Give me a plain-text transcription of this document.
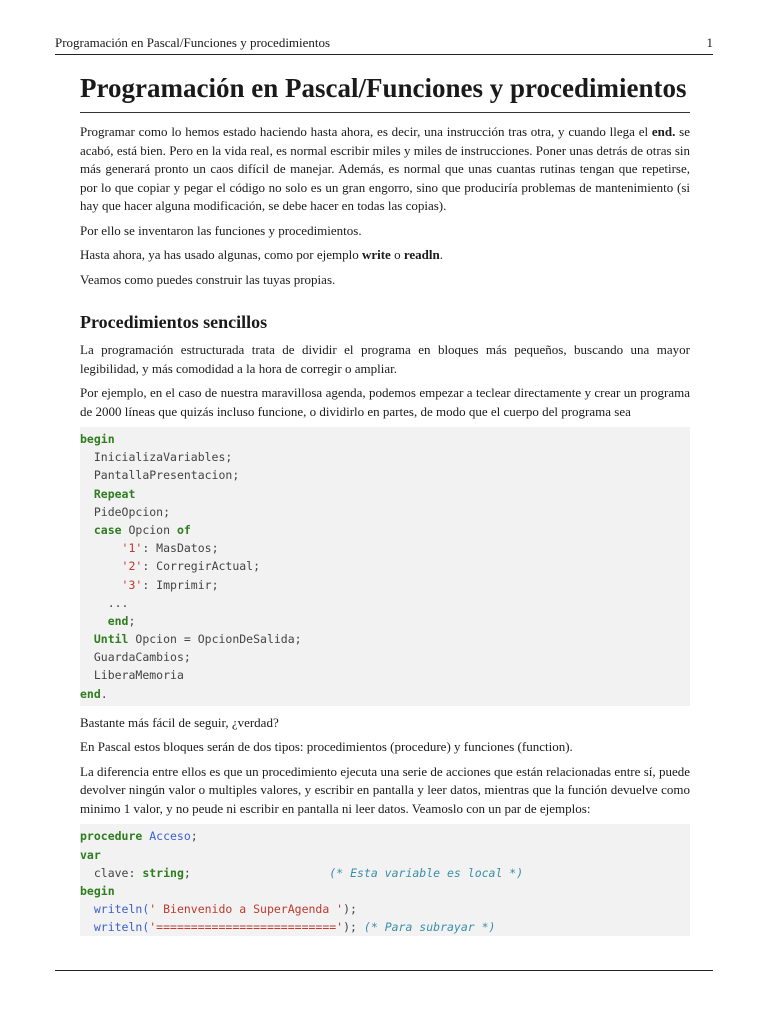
Programación en Pascal/Funciones y procedimientos	1
Programación en Pascal/Funciones y procedimientos

Programar como lo hemos estado haciendo hasta ahora, es decir, una instrucción tras otra, y cuando llega el end. se acabó, está bien. Pero en la vida real, es normal escribir miles y miles de instrucciones. Poner unas detrás de otras sin más generará pronto un caos difícil de manejar. Además, es normal que unas cuantas rutinas tengan que repetirse, por lo que copiar y pegar el código no solo es un gran engorro, sino que produciría problemas de mantenimiento (si hay que hacer alguna modificación, se debe hacer en todas las copias).

Por ello se inventaron las funciones y procedimientos.

Hasta ahora, ya has usado algunas, como por ejemplo write o readln.

Veamos como puedes construir las tuyas propias.

Procedimientos sencillos

La programación estructurada trata de dividir el programa en bloques más pequeños, buscando una mayor legibilidad, y más comodidad a la hora de corregir o ampliar.

Por ejemplo, en el caso de nuestra maravillosa agenda, podemos empezar a teclear directamente y crear un programa de 2000 líneas que quizás incluso funcione, o dividirlo en partes, de modo que el cuerpo del programa sea

begin
InicializaVariables;
PantallaPresentacion;
Repeat
PideOpcion;
case Opcion of
'1': MasDatos;
'2': CorregirActual;
'3': Imprimir;
...
end;
Until Opcion = OpcionDeSalida;
GuardaCambios;
LiberaMemoria
end.

Bastante más fácil de seguir, ¿verdad?

En Pascal estos bloques serán de dos tipos: procedimientos (procedure) y funciones (function).

La diferencia entre ellos es que un procedimiento ejecuta una serie de acciones que están relacionadas entre sí, puede devolver ningún valor o multiples valores, y escribir en pantalla y leer datos, mientras que la función devuelve como minimo 1 valor, y no peude ni escribir en pantalla ni leer datos. Veamoslo con un par de ejemplos:

procedure Acceso;
var
clave: string;	(* Esta variable es local *)
begin
writeln(' Bienvenido a SuperAgenda ');
writeln('=========================='); (* Para subrayar *)
